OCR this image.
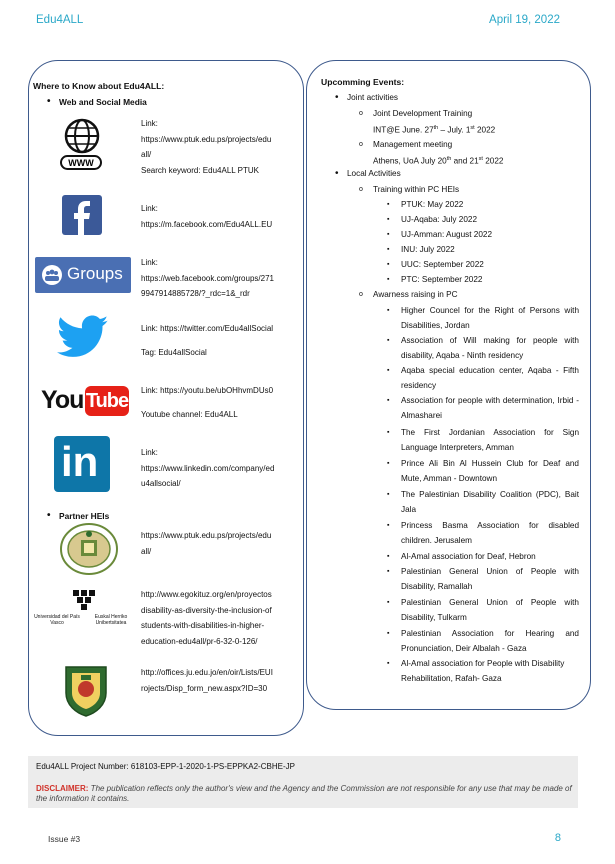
Edu4ALL	April 19, 2022
Where to Know about Edu4ALL:
• Web and Social Media
WWW
Link:
https://www.ptuk.edu.ps/projects/edu
all/
Search keyword: Edu4ALL PTUK
Link:
https://m.facebook.com/Edu4ALL.EU
Groups
Link:
https://web.facebook.com/groups/271
9947914885728/?_rdc=1&_rdr
Link: https://twitter.com/Edu4allSocial
Tag: Edu4allSocial
You Tube Link: https://youtu.be/ubOHhvmDUs0
Youtube channel: Edu4ALL
in	Link:
https://www.linkedin.com/company/ed
u4allsocial/
• Partner HEIs
https://www.ptuk.edu.ps/projects/edu
all/
Universidad del País Vasco
Euskal Herriko Unibertsitatea
http://www.egokituz.org/en/proyectos
disability-as-diversity-the-inclusion-of
students-with-disabilities-in-higher-
education-edu4all/pr-6-32-0-126/
http://offices.ju.edu.jo/en/oir/Lists/EUI
rojects/Disp_form_new.aspx?ID=30
Upcomming Events:
• Joint activities
o Joint Development Training
INT@E June. 27th – July. 1st 2022
o Management meeting
Athens, UoA July 20th and 21st 2022
• Local Activities
o Training within PC HEIs
▪ PTUK: May 2022
▪ UJ-Aqaba: July 2022
▪ UJ-Amman: August 2022
▪ INU: July 2022
▪ UUC: September 2022
▪ PTC: September 2022
o Awarness raising in PC
▪ Higher Councel for the Right of Persons with Disabilities, Jordan
▪ Association of Will making for people with disability, Aqaba - Ninth residency
▪ Aqaba special education center, Aqaba - Fifth residency
▪ Association for people with determination, Irbid - Almasharei
▪ The First Jordanian Association for Sign Language Interpreters, Amman
▪ Prince Ali Bin Al Hussein Club for Deaf and Mute, Amman - Downtown
▪ The Palestinian Disability Coalition (PDC), Bait Jala
▪ Princess Basma Association for disabled children. Jerusalem
▪ Al-Amal association for Deaf, Hebron
▪ Palestinian General Union of People with Disability, Ramallah
▪ Palestinian General Union of People with Disability, Tulkarm
▪ Palestinian Association for Hearing and Pronunciation, Deir Albalah - Gaza
▪ Al-Amal association for People with Disability Rehabilitation, Rafah- Gaza
Edu4ALL Project Number: 618103-EPP-1-2020-1-PS-EPPKA2-CBHE-JP
DISCLAIMER: The publication reflects only the author's view and the Agency and the Commission are not responsible for any use that may be made of the information it contains.
Issue #3	8
